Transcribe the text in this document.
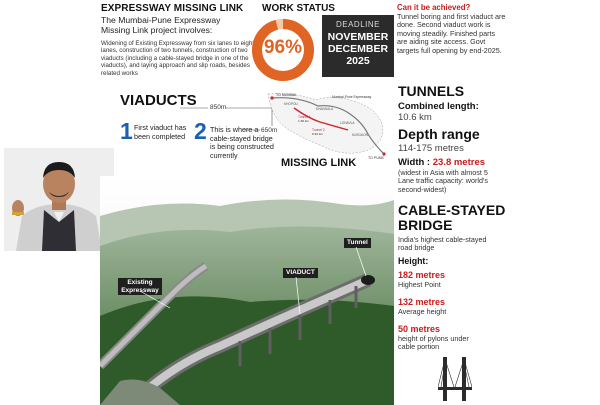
EXPRESSWAY MISSING LINK
The Mumbai-Pune Expressway Missing Link project involves:
Widening of Existing Expressway from six lanes to eight lanes, construction of two tunnels, construction of two viaducts (including a cable-stayed bridge in one of the viaducts), and laying approach and slip roads, besides related works
WORK STATUS
96%
DEADLINE
NOVEMBER
DECEMBER
2025
Can it be achieved?
Tunnel boring and first viaduct are done. Second viaduct work is moving steadily. Finished parts are aiding site access. Govt targets full opening by end-2025.
VIADUCTS 850m
650m
1 First viaduct has been completed 2 This is where a cable-stayed bridge is being constructed currently
TO MUMBAI
KHOPOLI
KHANDALA
Mumbai-Pune Expressway
Tunnel 1
1.68 km
Tunnel 2
8.92 km
LONAVLA
KUSGAON
TO PUNE
MISSING LINK
Existing Expressway
VIADUCT
Tunnel
TUNNELS
Combined length:
10.6 km
Depth range
114-175 metres
Width : 23.8 metres
(widest in Asia with almost 5 Lane traffic capacity: world's second-widest)
CABLE-STAYED
BRIDGE
India's highest cable-stayed road bridge
Height:
182 metres
Highest Point
132 metres
Average height
50 metres
height of pylons under cable portion
